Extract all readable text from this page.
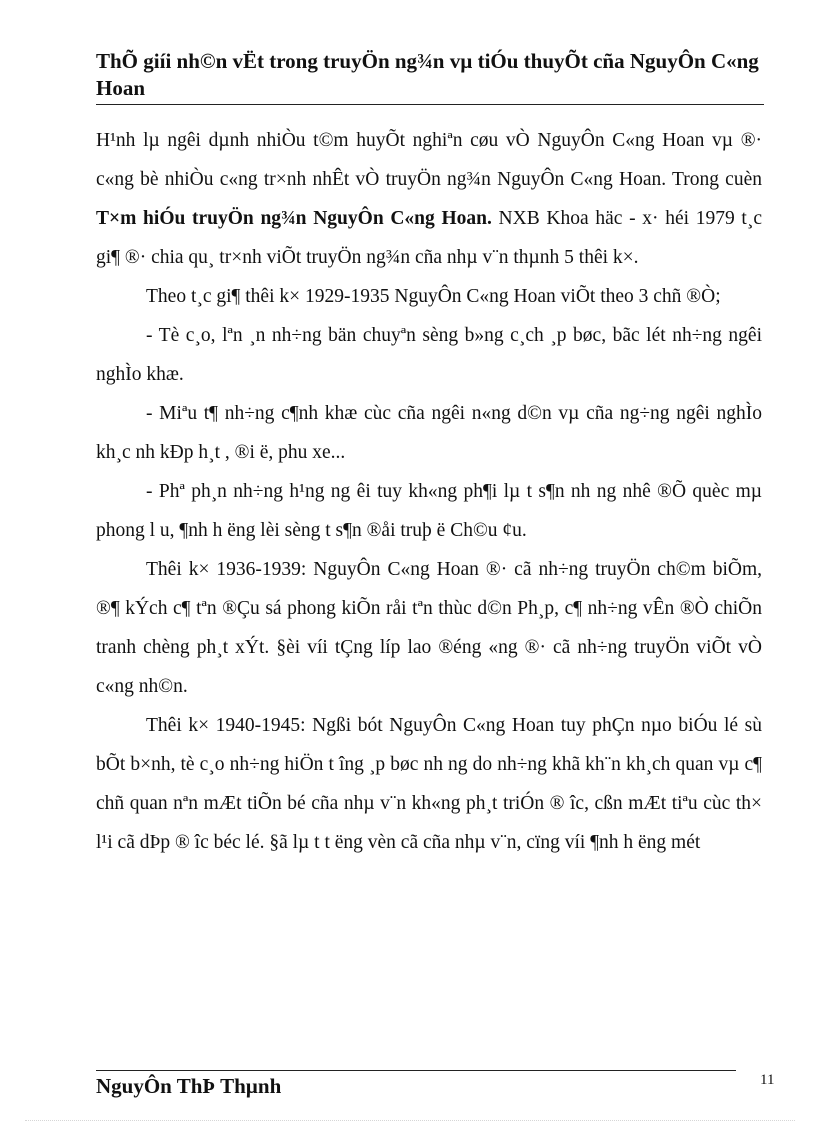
ThÕ giíi nh©n vËt trong truyÖn ng¾n vµ tiÓu thuyÕt cña NguyÔn C«ng Hoan

H¹nh lµ ngêi dµnh nhiÒu t©m huyÕt nghiªn cøu vÒ NguyÔn C«ng Hoan vµ ®· c«ng bè nhiÒu c«ng tr×nh nhÊt vÒ truyÖn ng¾n NguyÔn C«ng Hoan. Trong cuèn T×m hiÓu truyÖn ng¾n NguyÔn C«ng Hoan. NXB Khoa häc - x· héi 1979 t¸c gi¶ ®· chia qu¸ tr×nh viÕt truyÖn ng¾n cña nhµ v¨n thµnh 5 thêi k×.

Theo t¸c gi¶ thêi k× 1929-1935 NguyÔn C«ng Hoan viÕt theo 3 chñ ®Ò;

- Tè c¸o, lªn ¸n nh÷ng bän chuyªn sèng b»ng c¸ch ¸p bøc, bãc lét nh÷ng ngêi nghÌo khæ.

- Miªu t¶ nh÷ng c¶nh khæ cùc cña ngêi n«ng d©n vµ cña ng÷ng ngêi nghÌo kh¸c nh kÐp h¸t , ®i ë, phu xe...

- Phª ph¸n nh÷ng h¹ng ng êi tuy kh«ng ph¶i lµ t s¶n nh ng nhê ®Õ quèc mµ phong l u, ¶nh h ëng lèi sèng t s¶n ®åi truþ ë Ch©u ¢u.

Thêi k× 1936-1939: NguyÔn C«ng Hoan ®· cã nh÷ng truyÖn ch©m biÕm, ®¶ kÝch c¶ tªn ®Çu sá phong kiÕn råi tªn thùc d©n Ph¸p, c¶ nh÷ng vÊn ®Ò chiÕn tranh chèng ph¸t xÝt. §èi víi tÇng líp lao ®éng «ng ®· cã nh÷ng truyÖn viÕt vÒ c«ng nh©n.

Thêi k× 1940-1945: Ngßi bót NguyÔn C«ng Hoan tuy phÇn nµo biÓu lé sù bÕt b×nh, tè c¸o nh÷ng hiÖn t îng ¸p bøc nh ng do nh÷ng khã kh¨n kh¸ch quan vµ c¶ chñ quan nªn mÆt tiÕn bé cña nhµ v¨n kh«ng ph¸t triÓn ® îc, cßn mÆt tiªu cùc th× l¹i cã dÞp ® îc béc lé. §ã lµ t t ëng vèn cã cña nhµ v¨n, cïng víi ¶nh h ëng mét

NguyÔn ThÞ Thµnh	11
